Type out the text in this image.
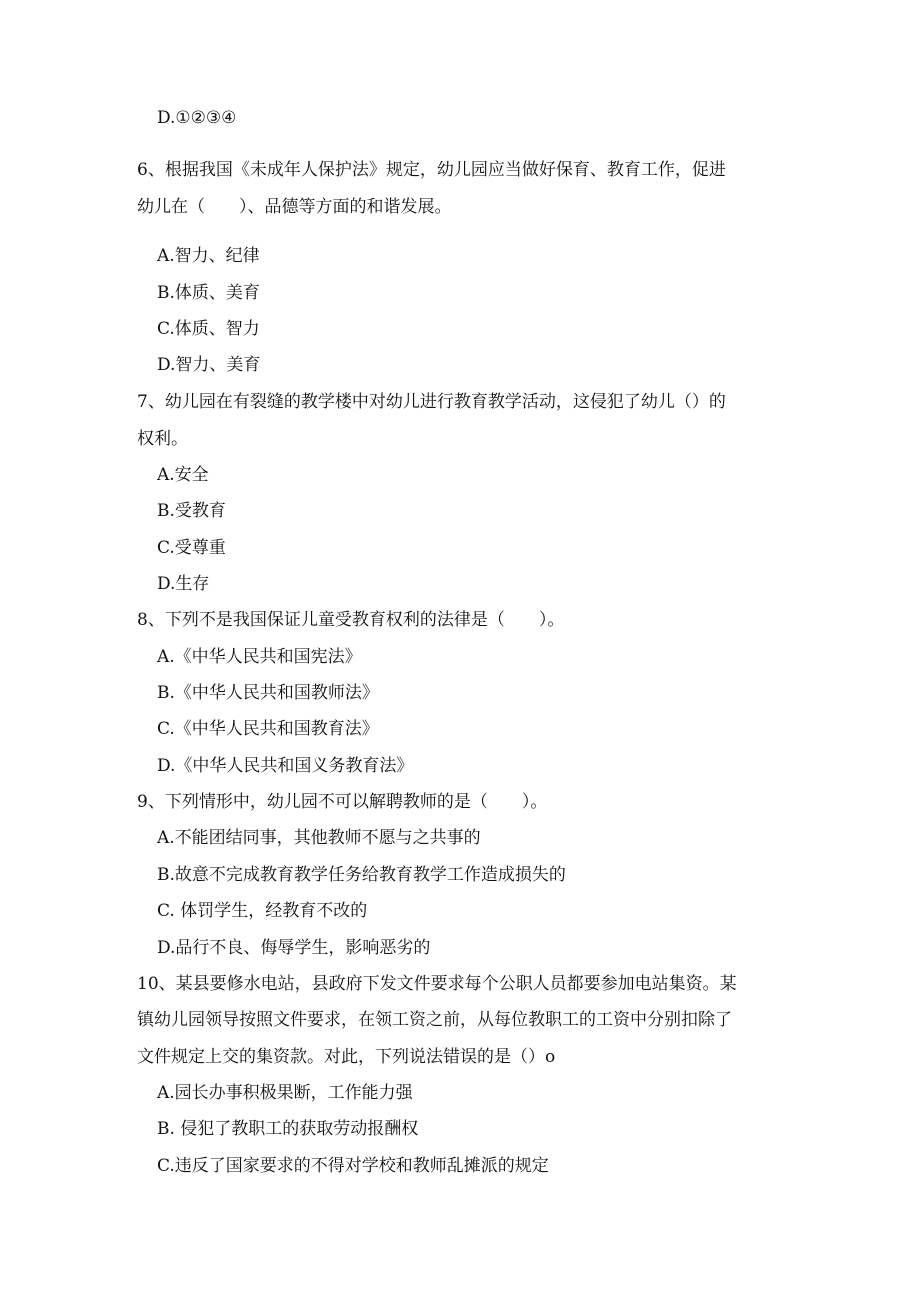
D.①②③④
6、根据我国《未成年人保护法》规定，幼儿园应当做好保育、教育工作，促进
幼儿在（　　）、品德等方面的和谐发展。
A.智力、纪律
B.体质、美育
C.体质、智力
D.智力、美育
7、幼儿园在有裂缝的教学楼中对幼儿进行教育教学活动，这侵犯了幼儿（）的
权利。
A.安全
B.受教育
C.受尊重
D.生存
8、下列不是我国保证儿童受教育权利的法律是（　　）。
A.《中华人民共和国宪法》
B.《中华人民共和国教师法》
C.《中华人民共和国教育法》
D.《中华人民共和国义务教育法》
9、下列情形中，幼儿园不可以解聘教师的是（　　）。
A.不能团结同事，其他教师不愿与之共事的
B.故意不完成教育教学任务给教育教学工作造成损失的
C. 体罚学生，经教育不改的
D.品行不良、侮辱学生，影响恶劣的
10、某县要修水电站，县政府下发文件要求每个公职人员都要参加电站集资。某
镇幼儿园领导按照文件要求，在领工资之前，从每位教职工的工资中分别扣除了
文件规定上交的集资款。对此，下列说法错误的是（）o
A.园长办事积极果断，工作能力强
B. 侵犯了教职工的获取劳动报酬权
C.违反了国家要求的不得对学校和教师乱摊派的规定
